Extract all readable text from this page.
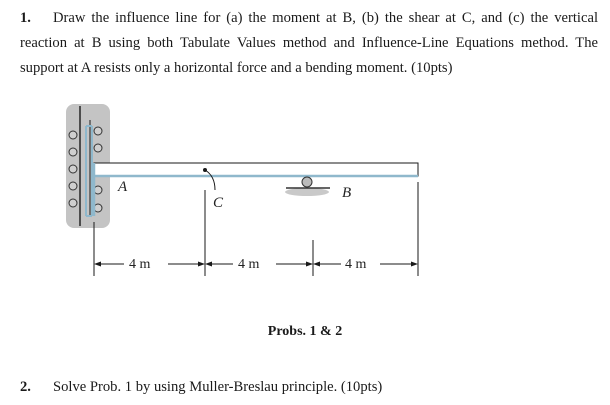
1. Draw the influence line for (a) the moment at B, (b) the shear at C, and (c) the vertical reaction at B using both Tabulate Values method and Influence-Line Equations method. The support at A resists only a horizontal force and a bending moment. (10pts)
A
C
B
4 m	4 m	4 m
Probs. 1 & 2
2. Solve Prob. 1 by using Muller-Breslau principle. (10pts)
